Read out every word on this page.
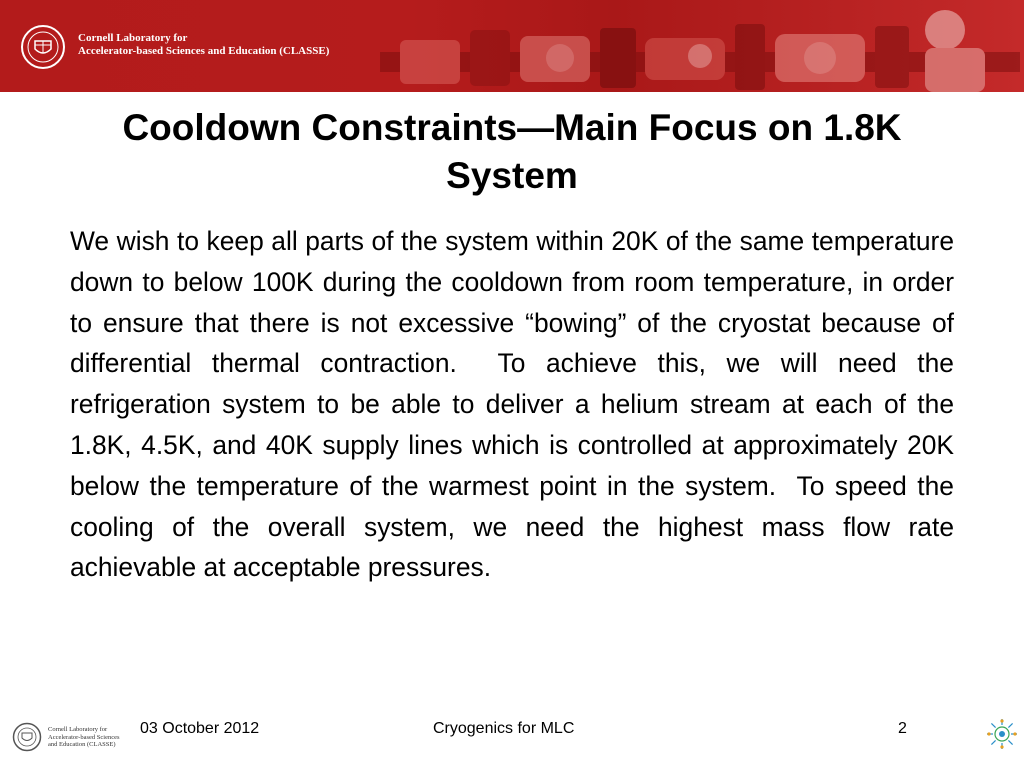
Cornell Laboratory for
Accelerator-based Sciences and Education (CLASSE)
Cooldown Constraints—Main Focus on 1.8K System

We wish to keep all parts of the system within 20K of the same temperature down to below 100K during the cooldown from room temperature, in order to ensure that there is not excessive “bowing” of the cryostat because of differential thermal contraction.  To achieve this, we will need the refrigeration system to be able to deliver a helium stream at each of the 1.8K, 4.5K, and 40K supply lines which is controlled at approximately 20K below the temperature of the warmest point in the system.  To speed the cooling of the overall system, we need the highest mass flow rate achievable at acceptable pressures.

Cornell Laboratory for
Accelerator-based Sciences
and Education (CLASSE)
03 October 2012	Cryogenics for MLC	2
